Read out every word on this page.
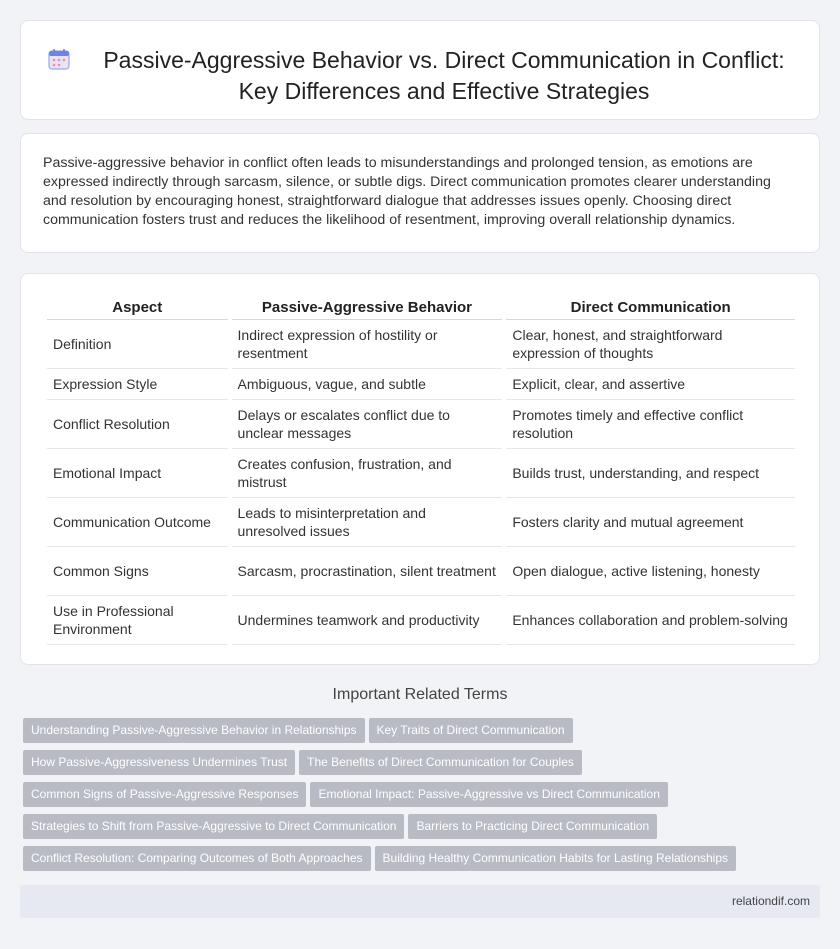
Passive-Aggressive Behavior vs. Direct Communication in Conflict: Key Differences and Effective Strategies

Passive-aggressive behavior in conflict often leads to misunderstandings and prolonged tension, as emotions are expressed indirectly through sarcasm, silence, or subtle digs. Direct communication promotes clearer understanding and resolution by encouraging honest, straightforward dialogue that addresses issues openly. Choosing direct communication fosters trust and reduces the likelihood of resentment, improving overall relationship dynamics.

Aspect	Passive-Aggressive Behavior	Direct Communication
Definition	Indirect expression of hostility or resentment	Clear, honest, and straightforward expression of thoughts
Expression Style	Ambiguous, vague, and subtle	Explicit, clear, and assertive
Conflict Resolution	Delays or escalates conflict due to unclear messages	Promotes timely and effective conflict resolution
Emotional Impact	Creates confusion, frustration, and mistrust	Builds trust, understanding, and respect
Communication Outcome	Leads to misinterpretation and unresolved issues	Fosters clarity and mutual agreement
Common Signs	Sarcasm, procrastination, silent treatment	Open dialogue, active listening, honesty
Use in Professional Environment	Undermines teamwork and productivity	Enhances collaboration and problem-solving
Important Related Terms
Understanding Passive-Aggressive Behavior in Relationships Key Traits of Direct Communication
How Passive-Aggressiveness Undermines Trust The Benefits of Direct Communication for Couples
Common Signs of Passive-Aggressive Responses Emotional Impact: Passive-Aggressive vs Direct Communication
Strategies to Shift from Passive-Aggressive to Direct Communication Barriers to Practicing Direct Communication
Conflict Resolution: Comparing Outcomes of Both Approaches Building Healthy Communication Habits for Lasting Relationships
relationdif.com
